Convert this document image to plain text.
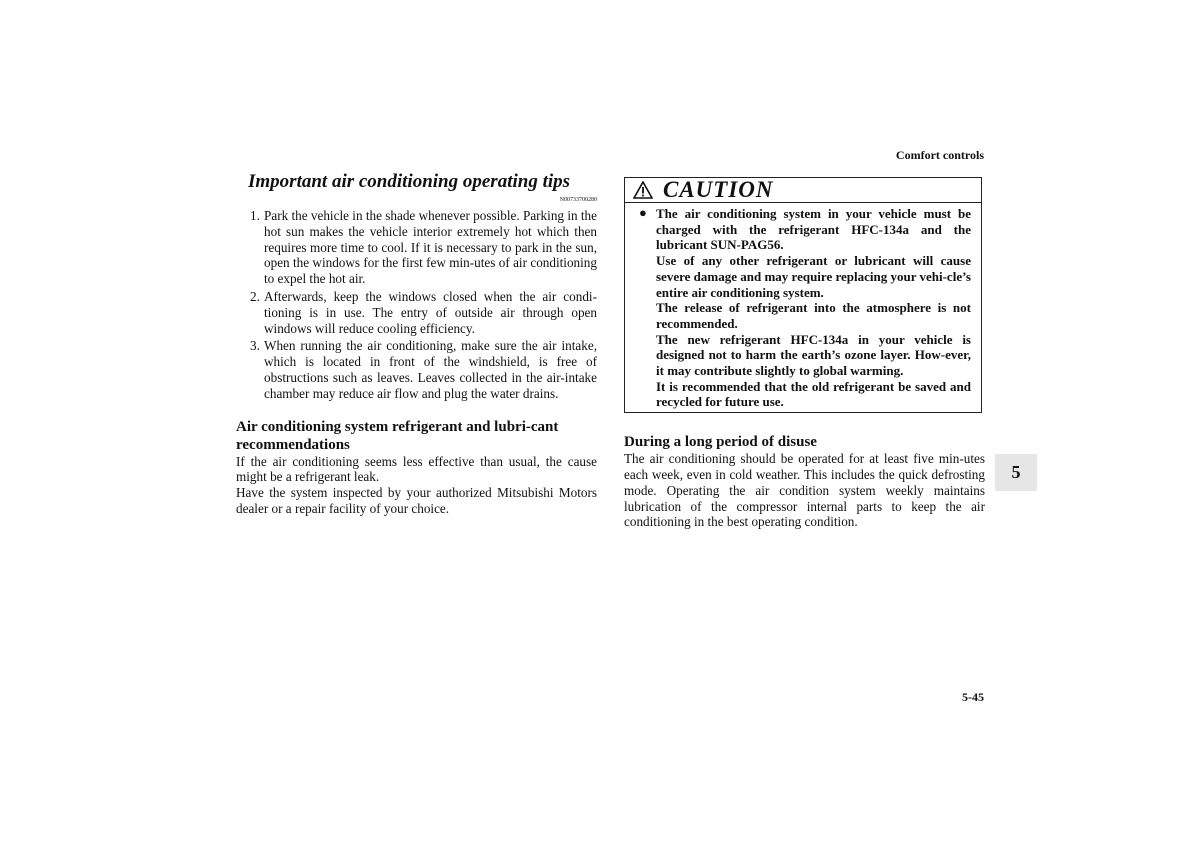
Comfort controls
Important air conditioning operating tips
N00733700280
1. Park the vehicle in the shade whenever possible. Parking in the hot sun makes the vehicle interior extremely hot which then requires more time to cool. If it is necessary to park in the sun, open the windows for the first few min-utes of air conditioning to expel the hot air.
2. Afterwards, keep the windows closed when the air condi-tioning is in use. The entry of outside air through open windows will reduce cooling efficiency.
3. When running the air conditioning, make sure the air intake, which is located in front of the windshield, is free of obstructions such as leaves. Leaves collected in the air-intake chamber may reduce air flow and plug the water drains.
Air conditioning system refrigerant and lubri-cant recommendations

If the air conditioning seems less effective than usual, the cause might be a refrigerant leak.

Have the system inspected by your authorized Mitsubishi Motors dealer or a repair facility of your choice.

CAUTION
● The air conditioning system in your vehicle must be charged with the refrigerant HFC-134a and the lubricant SUN-PAG56.

Use of any other refrigerant or lubricant will cause severe damage and may require replacing your vehi-cle’s entire air conditioning system.

The release of refrigerant into the atmosphere is not recommended.

The new refrigerant HFC-134a in your vehicle is designed not to harm the earth’s ozone layer. How-ever, it may contribute slightly to global warming.

It is recommended that the old refrigerant be saved and recycled for future use.

During a long period of disuse

The air conditioning should be operated for at least five min-utes each week, even in cold weather. This includes the quick defrosting mode. Operating the air condition system weekly maintains lubrication of the compressor internal parts to keep the air conditioning in the best operating condition.

5
5-45
